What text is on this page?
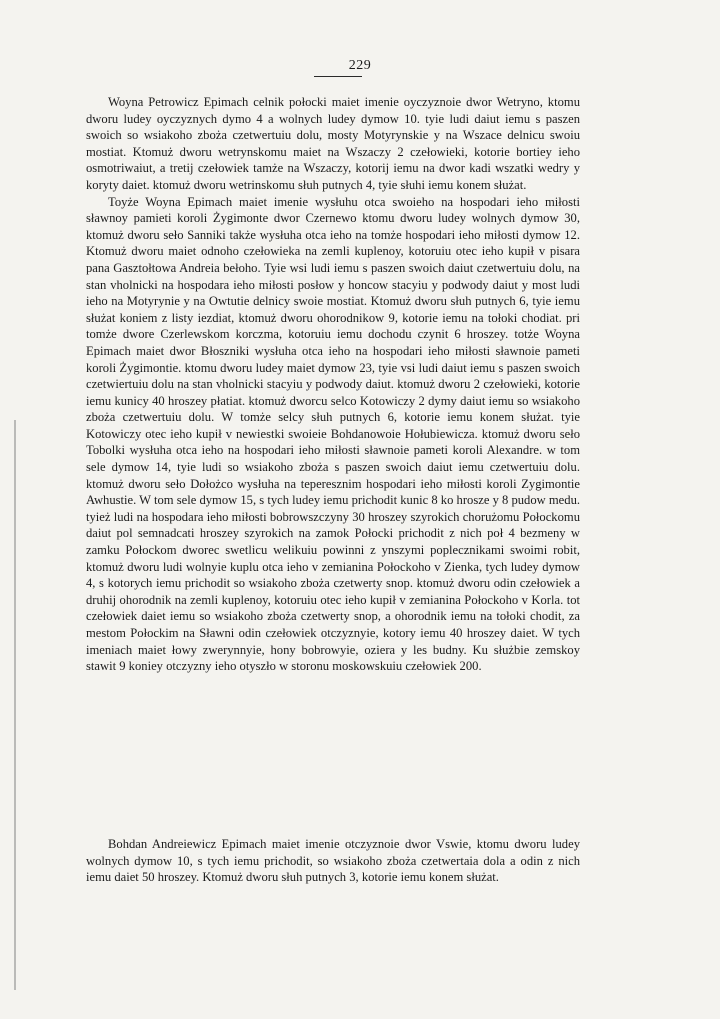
229

Woyna Petrowicz Epimach celnik połocki maiet imenie oyczyznoie dwor Wetryno, ktomu dworu ludey oyczyznych dymo 4 a wolnych ludey dymow 10. tyie ludi daiut iemu s paszen swoich so wsiakoho zboża czetwertuiu dolu, mosty Motyrynskie y na Wszace delnicu swoiu mostiat. Ktomuż dworu wetrynskomu maiet na Wszaczy 2 czełowieki, kotorie bortiey ieho osmotriwaiut, a tretij czełowiek tamże na Wszaczy, kotorij iemu na dwor kadi wszatki wedry y koryty daiet. ktomuż dworu wetrinskomu słuh putnych 4, tyie słuhi iemu konem służat.

Toyże Woyna Epimach maiet imenie wysłuhu otca swoieho na hospodari ieho miłosti sławnoy pamieti koroli Żygimonte dwor Czernewo ktomu dworu ludey wolnych dymow 30, ktomuż dworu seło Sanniki także wysłuha otca ieho na tomże hospodari ieho miłosti dymow 12. Ktomuż dworu maiet odnoho czełowieka na zemli kuplenoy, kotoruiu otec ieho kupił v pisara pana Gasztołtowa Andreia bełoho. Tyie wsi ludi iemu s paszen swoich daiut czetwertuiu dolu, na stan vholnicki na hospodara ieho miłosti posłow y honcow stacyiu y podwody daiut y most ludi ieho na Motyrynie y na Owtutie delnicy swoie mostiat. Ktomuż dworu słuh putnych 6, tyie iemu służat koniem z listy iezdiat, ktomuż dworu ohorodnikow 9, kotorie iemu na tołoki chodiat. pri tomże dwore Czerlewskom korczma, kotoruiu iemu dochodu czynit 6 hroszey. totże Woyna Epimach maiet dwor Błoszniki wysłuha otca ieho na hospodari ieho miłosti sławnoie pameti koroli Żygimontie. ktomu dworu ludey maiet dymow 23, tyie vsi ludi daiut iemu s paszen swoich czetwiertuiu dolu na stan vholnicki stacyiu y podwody daiut. ktomuż dworu 2 czełowieki, kotorie iemu kunicy 40 hroszey płatiat. ktomuż dworcu selco Kotowiczy 2 dymy daiut iemu so wsiakoho zboża czetwertuiu dolu. W tomże selcy słuh putnych 6, kotorie iemu konem służat. tyie Kotowiczy otec ieho kupił v newiestki swoieie Bohdanowoie Hołubiewicza. ktomuż dworu seło Tobolki wysłuha otca ieho na hospodari ieho miłosti sławnoie pameti koroli Alexandre. w tom sele dymow 14, tyie ludi so wsiakoho zboża s paszen swoich daiut iemu czetwertuiu dolu. ktomuż dworu seło Dołożco wysłuha na teperesznim hospodari ieho miłosti koroli Zygimontie Awhustie. W tom sele dymow 15, s tych ludey iemu prichodit kunic 8 ko hrosze y 8 pudow medu. tyież ludi na hospodara ieho miłosti bobrowszczyny 30 hroszey szyrokich chorużomu Połockomu daiut pol semnadcati hroszey szyrokich na zamok Połocki prichodit z nich poł 4 bezmeny w zamku Połockom dworec swetlicu welikuiu powinni z ynszymi poplecznikami swoimi robit, ktomuż dworu ludi wolnyie kuplu otca ieho v zemianina Połockoho v Zienka, tych ludey dymow 4, s kotorych iemu prichodit so wsiakoho zboża czetwerty snop. ktomuż dworu odin czełowiek a druhij ohorodnik na zemli kuplenoy, kotoruiu otec ieho kupił v zemianina Połockoho v Korla. tot czełowiek daiet iemu so wsiakoho zboża czetwerty snop, a ohorodnik iemu na tołoki chodit, za mestom Połockim na Sławni odin czełowiek otczyznyie, kotory iemu 40 hroszey daiet. W tych imeniach maiet łowy zwerynnyie, hony bobrowyie, oziera y les budny. Ku służbie zemskoy stawit 9 koniey otczyzny ieho otyszło w storonu moskowskuiu czełowiek 200.

Bohdan Andreiewicz Epimach maiet imenie otczyznoie dwor Vswie, ktomu dworu ludey wolnych dymow 10, s tych iemu prichodit, so wsiakoho zboża czetwertaia dola a odin z nich iemu daiet 50 hroszey. Ktomuż dworu słuh putnych 3, kotorie iemu konem służat.
